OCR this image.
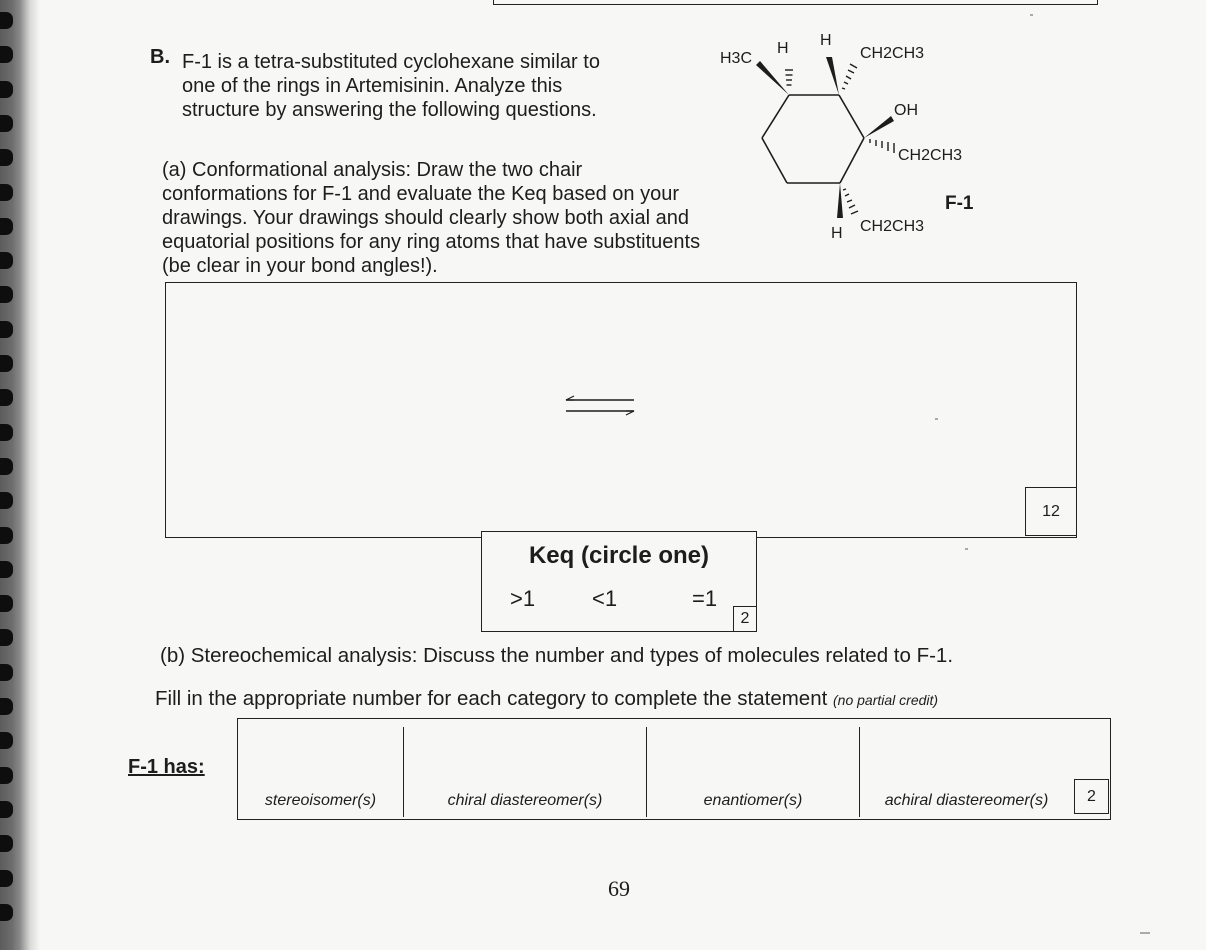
B. F-1 is a tetra-substituted cyclohexane similar to
one of the rings in Artemisinin. Analyze this
structure by answering the following questions.
(a) Conformational analysis: Draw the two chair
conformations for F-1 and evaluate the Keq based on your
drawings. Your drawings should clearly show both axial and
equatorial positions for any ring atoms that have substituents
(be clear in your bond angles!).
H3C
H H
CH2CH3
OH
CH2CH3
H CH2CH3
F-1
12
Keq (circle one)
>1	<1	=1
2
(b) Stereochemical analysis: Discuss the number and types of molecules related to F-1.
Fill in the appropriate number for each category to complete the statement (no partial credit)
F-1 has:
stereoisomer(s)	chiral diastereomer(s)	enantiomer(s)	achiral diastereomer(s)	2
69
